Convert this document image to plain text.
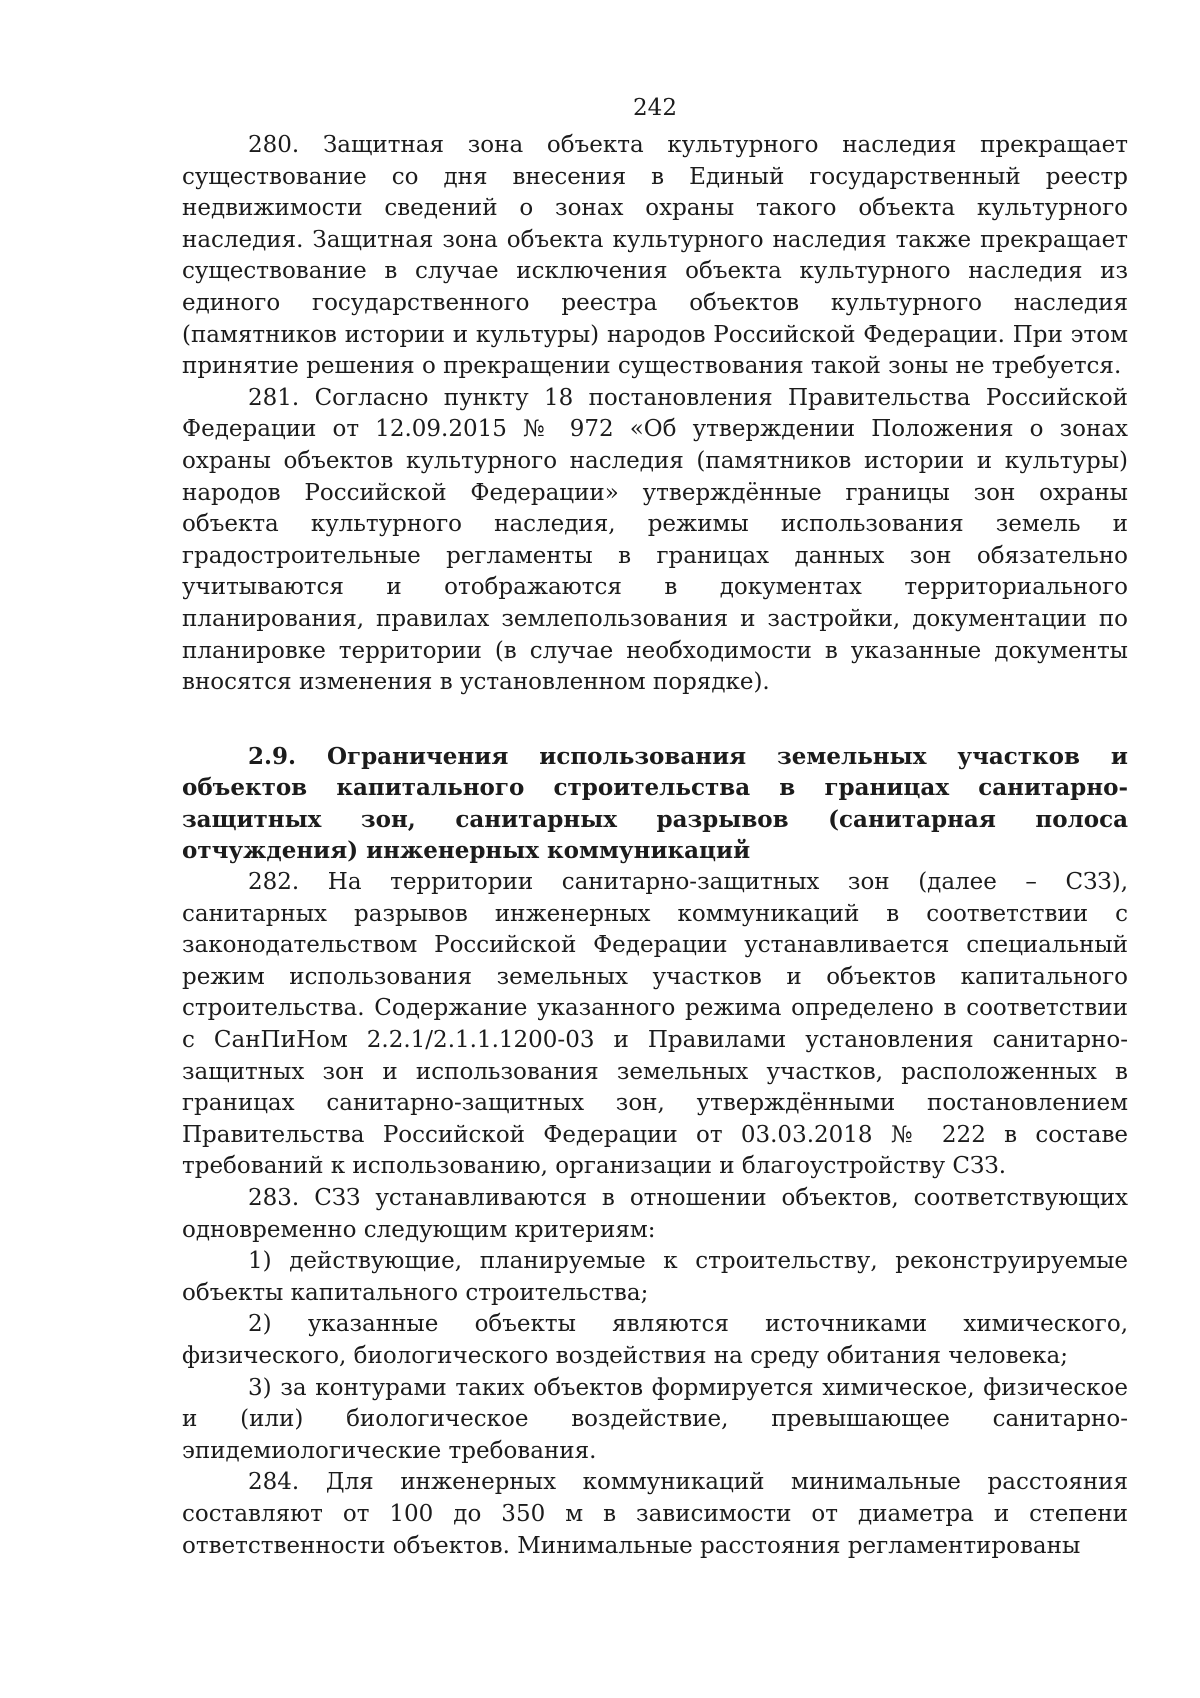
242

280. Защитная зона объекта культурного наследия прекращает существование со дня внесения в Единый государственный реестр недвижимости сведений о зонах охраны такого объекта культурного наследия. Защитная зона объекта культурного наследия также прекращает существование в случае исключения объекта культурного наследия из единого государственного реестра объектов культурного наследия (памятников истории и культуры) народов Российской Федерации. При этом принятие решения о прекращении существования такой зоны не требуется.

281. Согласно пункту 18 постановления Правительства Российской Федерации от 12.09.2015 № 972 «Об утверждении Положения о зонах охраны объектов культурного наследия (памятников истории и культуры) народов Российской Федерации» утверждённые границы зон охраны объекта культурного наследия, режимы использования земель и градостроительные регламенты в границах данных зон обязательно учитываются и отображаются в документах территориального планирования, правилах землепользования и застройки, документации по планировке территории (в случае необходимости в указанные документы вносятся изменения в установленном порядке).

2.9. Ограничения использования земельных участков и объектов капитального строительства в границах санитарно-защитных зон, санитарных разрывов (санитарная полоса отчуждения) инженерных коммуникаций

282. На территории санитарно-защитных зон (далее – СЗЗ), санитарных разрывов инженерных коммуникаций в соответствии с законодательством Российской Федерации устанавливается специальный режим использования земельных участков и объектов капитального строительства. Содержание указанного режима определено в соответствии с СанПиНом 2.2.1/2.1.1.1200-03 и Правилами установления санитарно-защитных зон и использования земельных участков, расположенных в границах санитарно-защитных зон, утверждёнными постановлением Правительства Российской Федерации от 03.03.2018 № 222 в составе требований к использованию, организации и благоустройству СЗЗ.

283. СЗЗ устанавливаются в отношении объектов, соответствующих одновременно следующим критериям:

1) действующие, планируемые к строительству, реконструируемые объекты капитального строительства;

2) указанные объекты являются источниками химического, физического, биологического воздействия на среду обитания человека;

3) за контурами таких объектов формируется химическое, физическое и (или) биологическое воздействие, превышающее санитарно-эпидемиологические требования.

284. Для инженерных коммуникаций минимальные расстояния составляют от 100 до 350 м в зависимости от диаметра и степени ответственности объектов. Минимальные расстояния регламентированы
